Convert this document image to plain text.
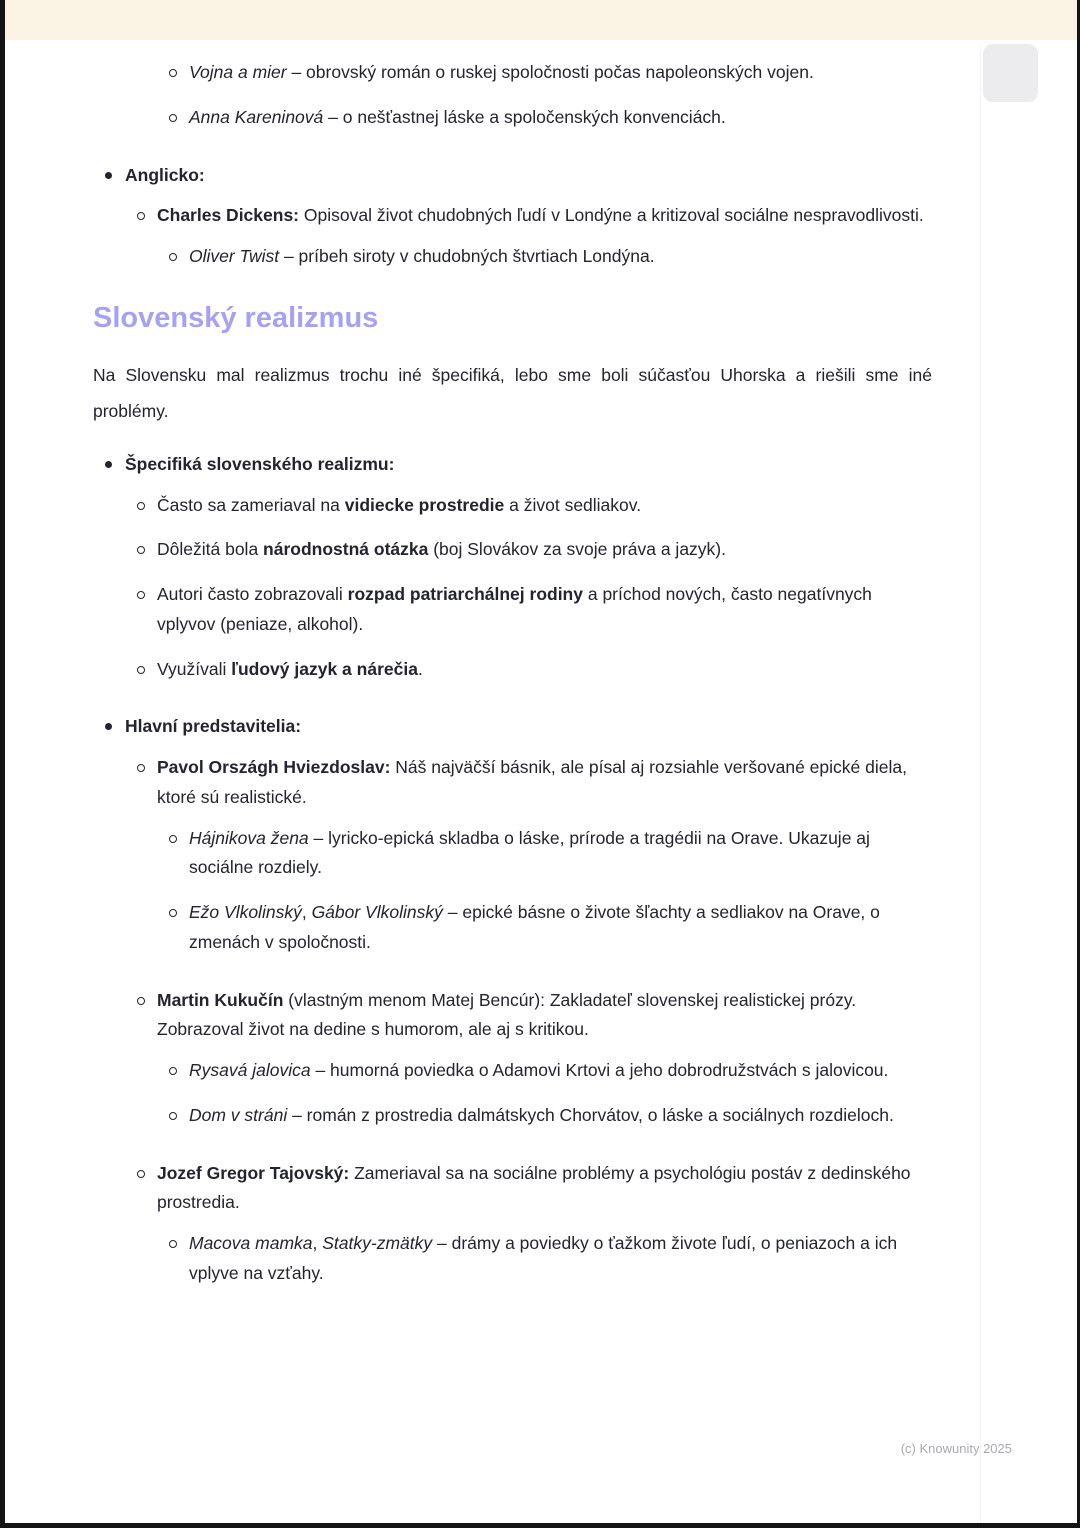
Vojna a mier – obrovský román o ruskej spoločnosti počas napoleonských vojen.
Anna Kareninová – o nešťastnej láske a spoločenských konvenciách.
Anglicko:
Charles Dickens: Opisoval život chudobných ľudí v Londýne a kritizoval sociálne nespravodlivosti.
Oliver Twist – príbeh siroty v chudobných štvrtiach Londýna.
Slovenský realizmus

Na Slovensku mal realizmus trochu iné špecifiká, lebo sme boli súčasťou Uhorska a riešili sme iné problémy.

Špecifiká slovenského realizmu:
Často sa zameriaval na vidiecke prostredie a život sedliakov.
Dôležitá bola národnostná otázka (boj Slovákov za svoje práva a jazyk).
Autori často zobrazovali rozpad patriarchálnej rodiny a príchod nových, často negatívnych vplyvov (peniaze, alkohol).
Využívali ľudový jazyk a nárečia.
Hlavní predstavitelia:
Pavol Országh Hviezdoslav: Náš najväčší básnik, ale písal aj rozsiahle veršované epické diela, ktoré sú realistické.
Hájnikova žena – lyricko-epická skladba o láske, prírode a tragédii na Orave. Ukazuje aj sociálne rozdiely.
Ežo Vlkolinský, Gábor Vlkolinský – epické básne o živote šľachty a sedliakov na Orave, o zmenách v spoločnosti.
Martin Kukučín (vlastným menom Matej Bencúr): Zakladateľ slovenskej realistickej prózy. Zobrazoval život na dedine s humorom, ale aj s kritikou.
Rysavá jalovica – humorná poviedka o Adamovi Krtovi a jeho dobrodružstvách s jalovicou.
Dom v stráni – román z prostredia dalmátskych Chorvátov, o láske a sociálnych rozdieloch.
Jozef Gregor Tajovský: Zameriaval sa na sociálne problémy a psychológiu postáv z dedinského prostredia.
Macova mamka, Statky-zmätky – drámy a poviedky o ťažkom živote ľudí, o peniazoch a ich vplyve na vzťahy.
(c) Knowunity 2025
